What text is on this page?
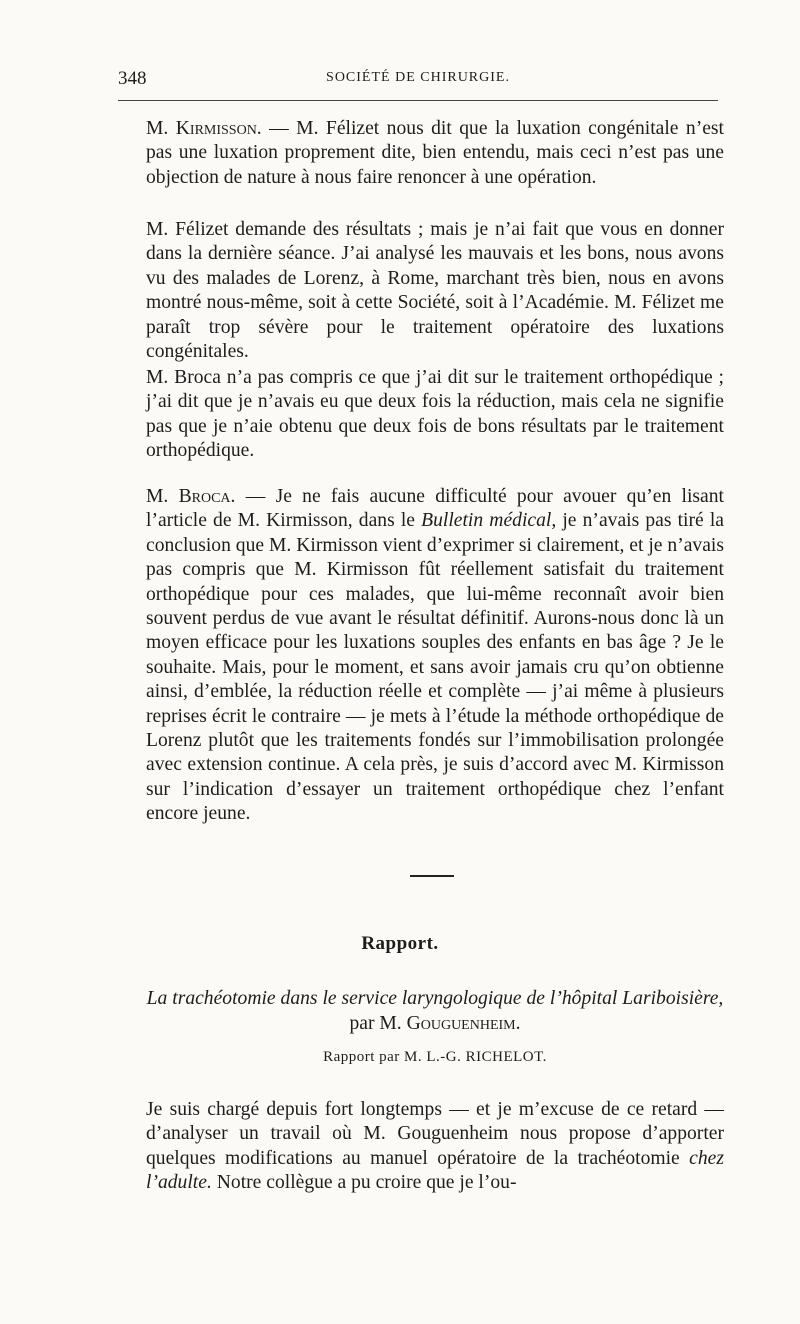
348	SOCIÉTÉ DE CHIRURGIE.

M. Kirmisson. — M. Félizet nous dit que la luxation congénitale n’est pas une luxation proprement dite, bien entendu, mais ceci n’est pas une objection de nature à nous faire renoncer à une opération.

M. Félizet demande des résultats ; mais je n’ai fait que vous en donner dans la dernière séance. J’ai analysé les mauvais et les bons, nous avons vu des malades de Lorenz, à Rome, marchant très bien, nous en avons montré nous-même, soit à cette Société, soit à l’Académie. M. Félizet me paraît trop sévère pour le traitement opératoire des luxations congénitales.

M. Broca n’a pas compris ce que j’ai dit sur le traitement orthopédique ; j’ai dit que je n’avais eu que deux fois la réduction, mais cela ne signifie pas que je n’aie obtenu que deux fois de bons résultats par le traitement orthopédique.

M. Broca. — Je ne fais aucune difficulté pour avouer qu’en lisant l’article de M. Kirmisson, dans le Bulletin médical, je n’avais pas tiré la conclusion que M. Kirmisson vient d’exprimer si clairement, et je n’avais pas compris que M. Kirmisson fût réellement satisfait du traitement orthopédique pour ces malades, que lui-même reconnaît avoir bien souvent perdus de vue avant le résultat définitif. Aurons-nous donc là un moyen efficace pour les luxations souples des enfants en bas âge ? Je le souhaite. Mais, pour le moment, et sans avoir jamais cru qu’on obtienne ainsi, d’emblée, la réduction réelle et complète — j’ai même à plusieurs reprises écrit le contraire — je mets à l’étude la méthode orthopédique de Lorenz plutôt que les traitements fondés sur l’immobilisation prolongée avec extension continue. A cela près, je suis d’accord avec M. Kirmisson sur l’indication d’essayer un traitement orthopédique chez l’enfant encore jeune.

Rapport.
La trachéotomie dans le service laryngologique de l’hôpital Lariboisière, par M. Gouguenheim.
Rapport par M. L.-G. RICHELOT.

Je suis chargé depuis fort longtemps — et je m’excuse de ce retard — d’analyser un travail où M. Gouguenheim nous propose d’apporter quelques modifications au manuel opératoire de la trachéotomie chez l’adulte. Notre collègue a pu croire que je l’ou-
